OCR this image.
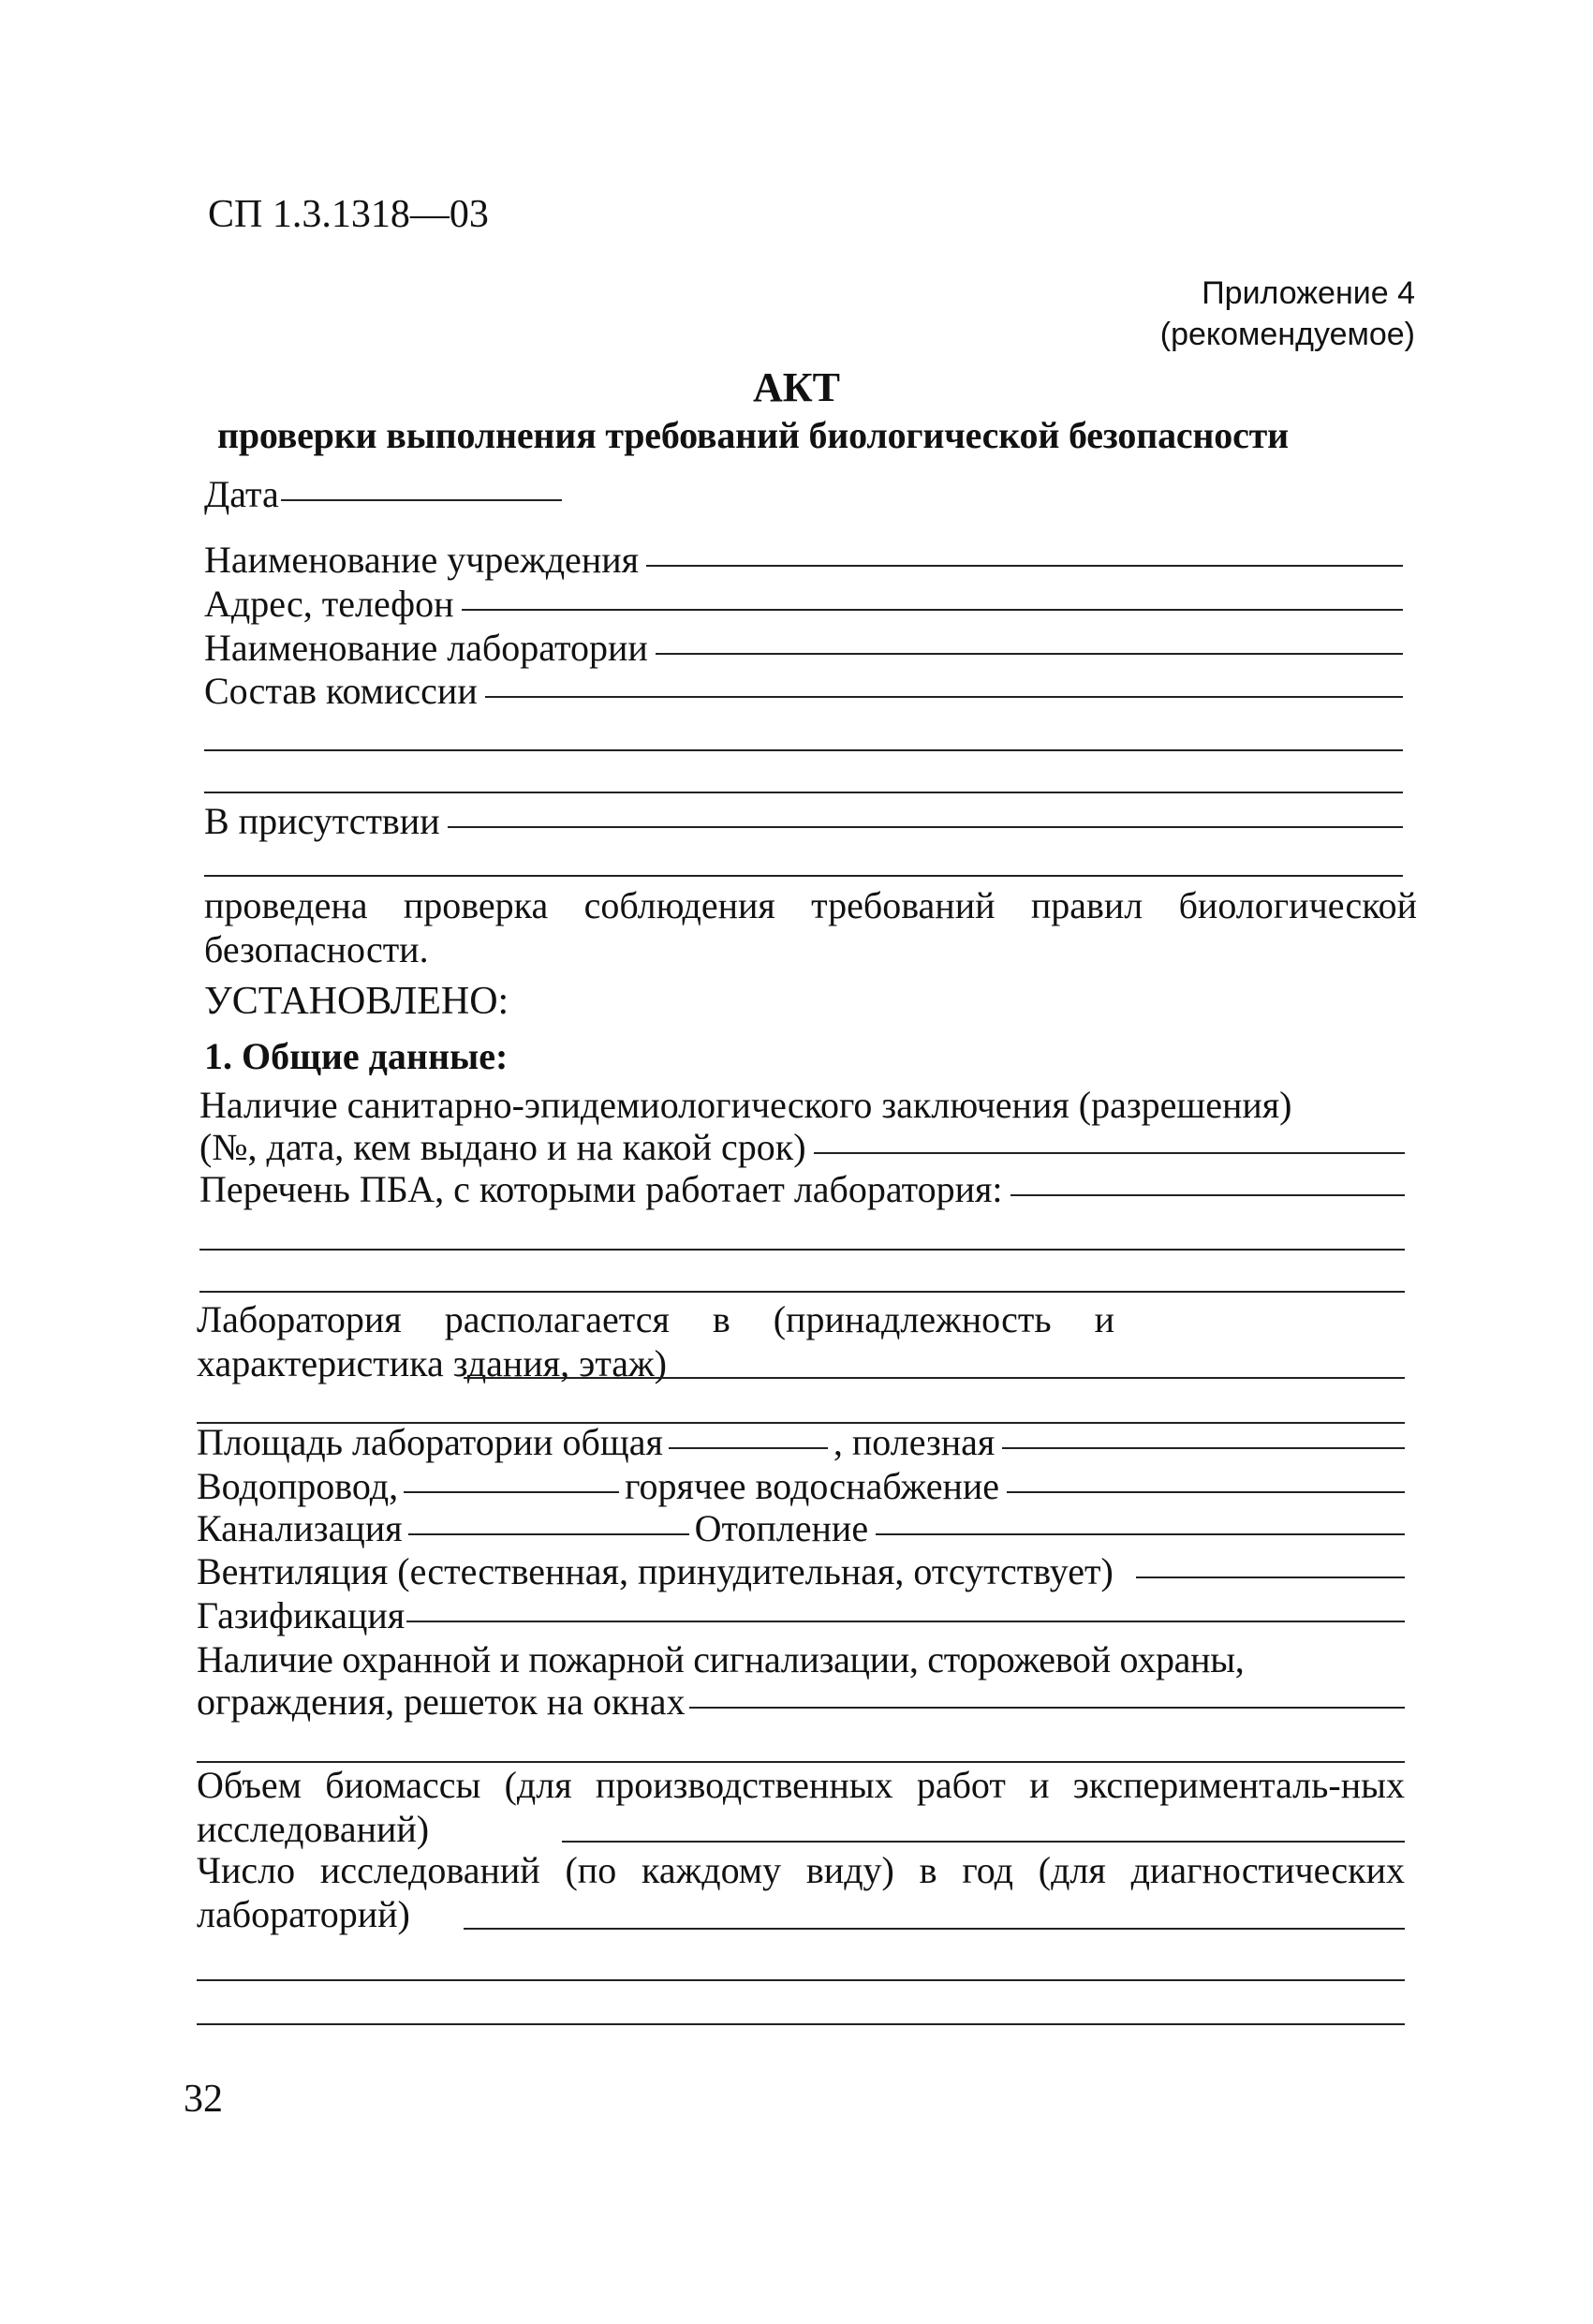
СП 1.3.1318—03
Приложение 4
(рекомендуемое)
АКТ
проверки выполнения требований биологической безопасности
Дата
Наименование учреждения
Адрес, телефон
Наименование лаборатории
Состав комиссии
В присутствии
проведена проверка соблюдения требований правил биологической безопасности.
УСТАНОВЛЕНО:
1. Общие данные:
Наличие санитарно-эпидемиологического заключения (разрешения)
(№, дата, кем выдано и на какой срок)
Перечень ПБА, с которыми работает лаборатория:
Лаборатория располагается в (принадлежность и характеристика здания, этаж)
Площадь лаборатории общая	, полезная
Водопровод,	горячее водоснабжение
Канализация	Отопление
Вентиляция (естественная, принудительная, отсутствует)
Газификация
Наличие охранной и пожарной сигнализации, сторожевой охраны,
ограждения, решеток на окнах
Объем биомассы (для производственных работ и эксперименталь-ных исследований)
Число исследований (по каждому виду) в год (для диагностических лабораторий)
32
